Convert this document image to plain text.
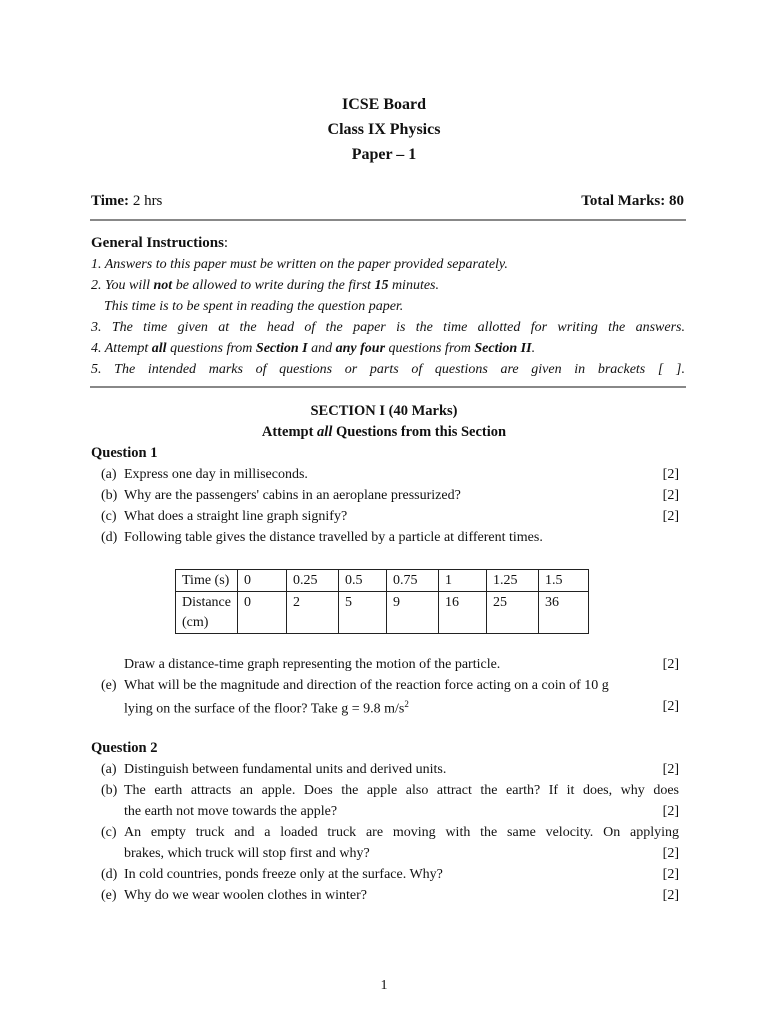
ICSE Board
Class IX Physics
Paper – 1
Time: 2 hrs	Total Marks: 80
General Instructions:
1. Answers to this paper must be written on the paper provided separately.
2. You will not be allowed to write during the first 15 minutes.
This time is to be spent in reading the question paper.
3. The time given at the head of the paper is the time allotted for writing the answers.
4. Attempt all questions from Section I and any four questions from Section II.
5. The intended marks of questions or parts of questions are given in brackets [ ].
SECTION I (40 Marks)
Attempt all Questions from this Section
Question 1
(a) Express one day in milliseconds.	[2]
(b) Why are the passengers' cabins in an aeroplane pressurized?	[2]
(c) What does a straight line graph signify?	[2]
(d) Following table gives the distance travelled by a particle at different times.
Time (s)	0	0.25	0.5	0.75	1	1.25	1.5
Distance
(cm)	0	2	5	9	16	25	36
Draw a distance-time graph representing the motion of the particle.	[2]
(e) What will be the magnitude and direction of the reaction force acting on a coin of 10 g
lying on the surface of the floor? Take g = 9.8 $m/s^2$	[2]
Question 2
(a) Distinguish between fundamental units and derived units.	[2]
(b) The earth attracts an apple. Does the apple also attract the earth? If it does, why does
the earth not move towards the apple?	[2]
(c) An empty truck and a loaded truck are moving with the same velocity. On applying
brakes, which truck will stop first and why?	[2]
(d) In cold countries, ponds freeze only at the surface. Why?	[2]
(e) Why do we wear woolen clothes in winter?	[2]
1
